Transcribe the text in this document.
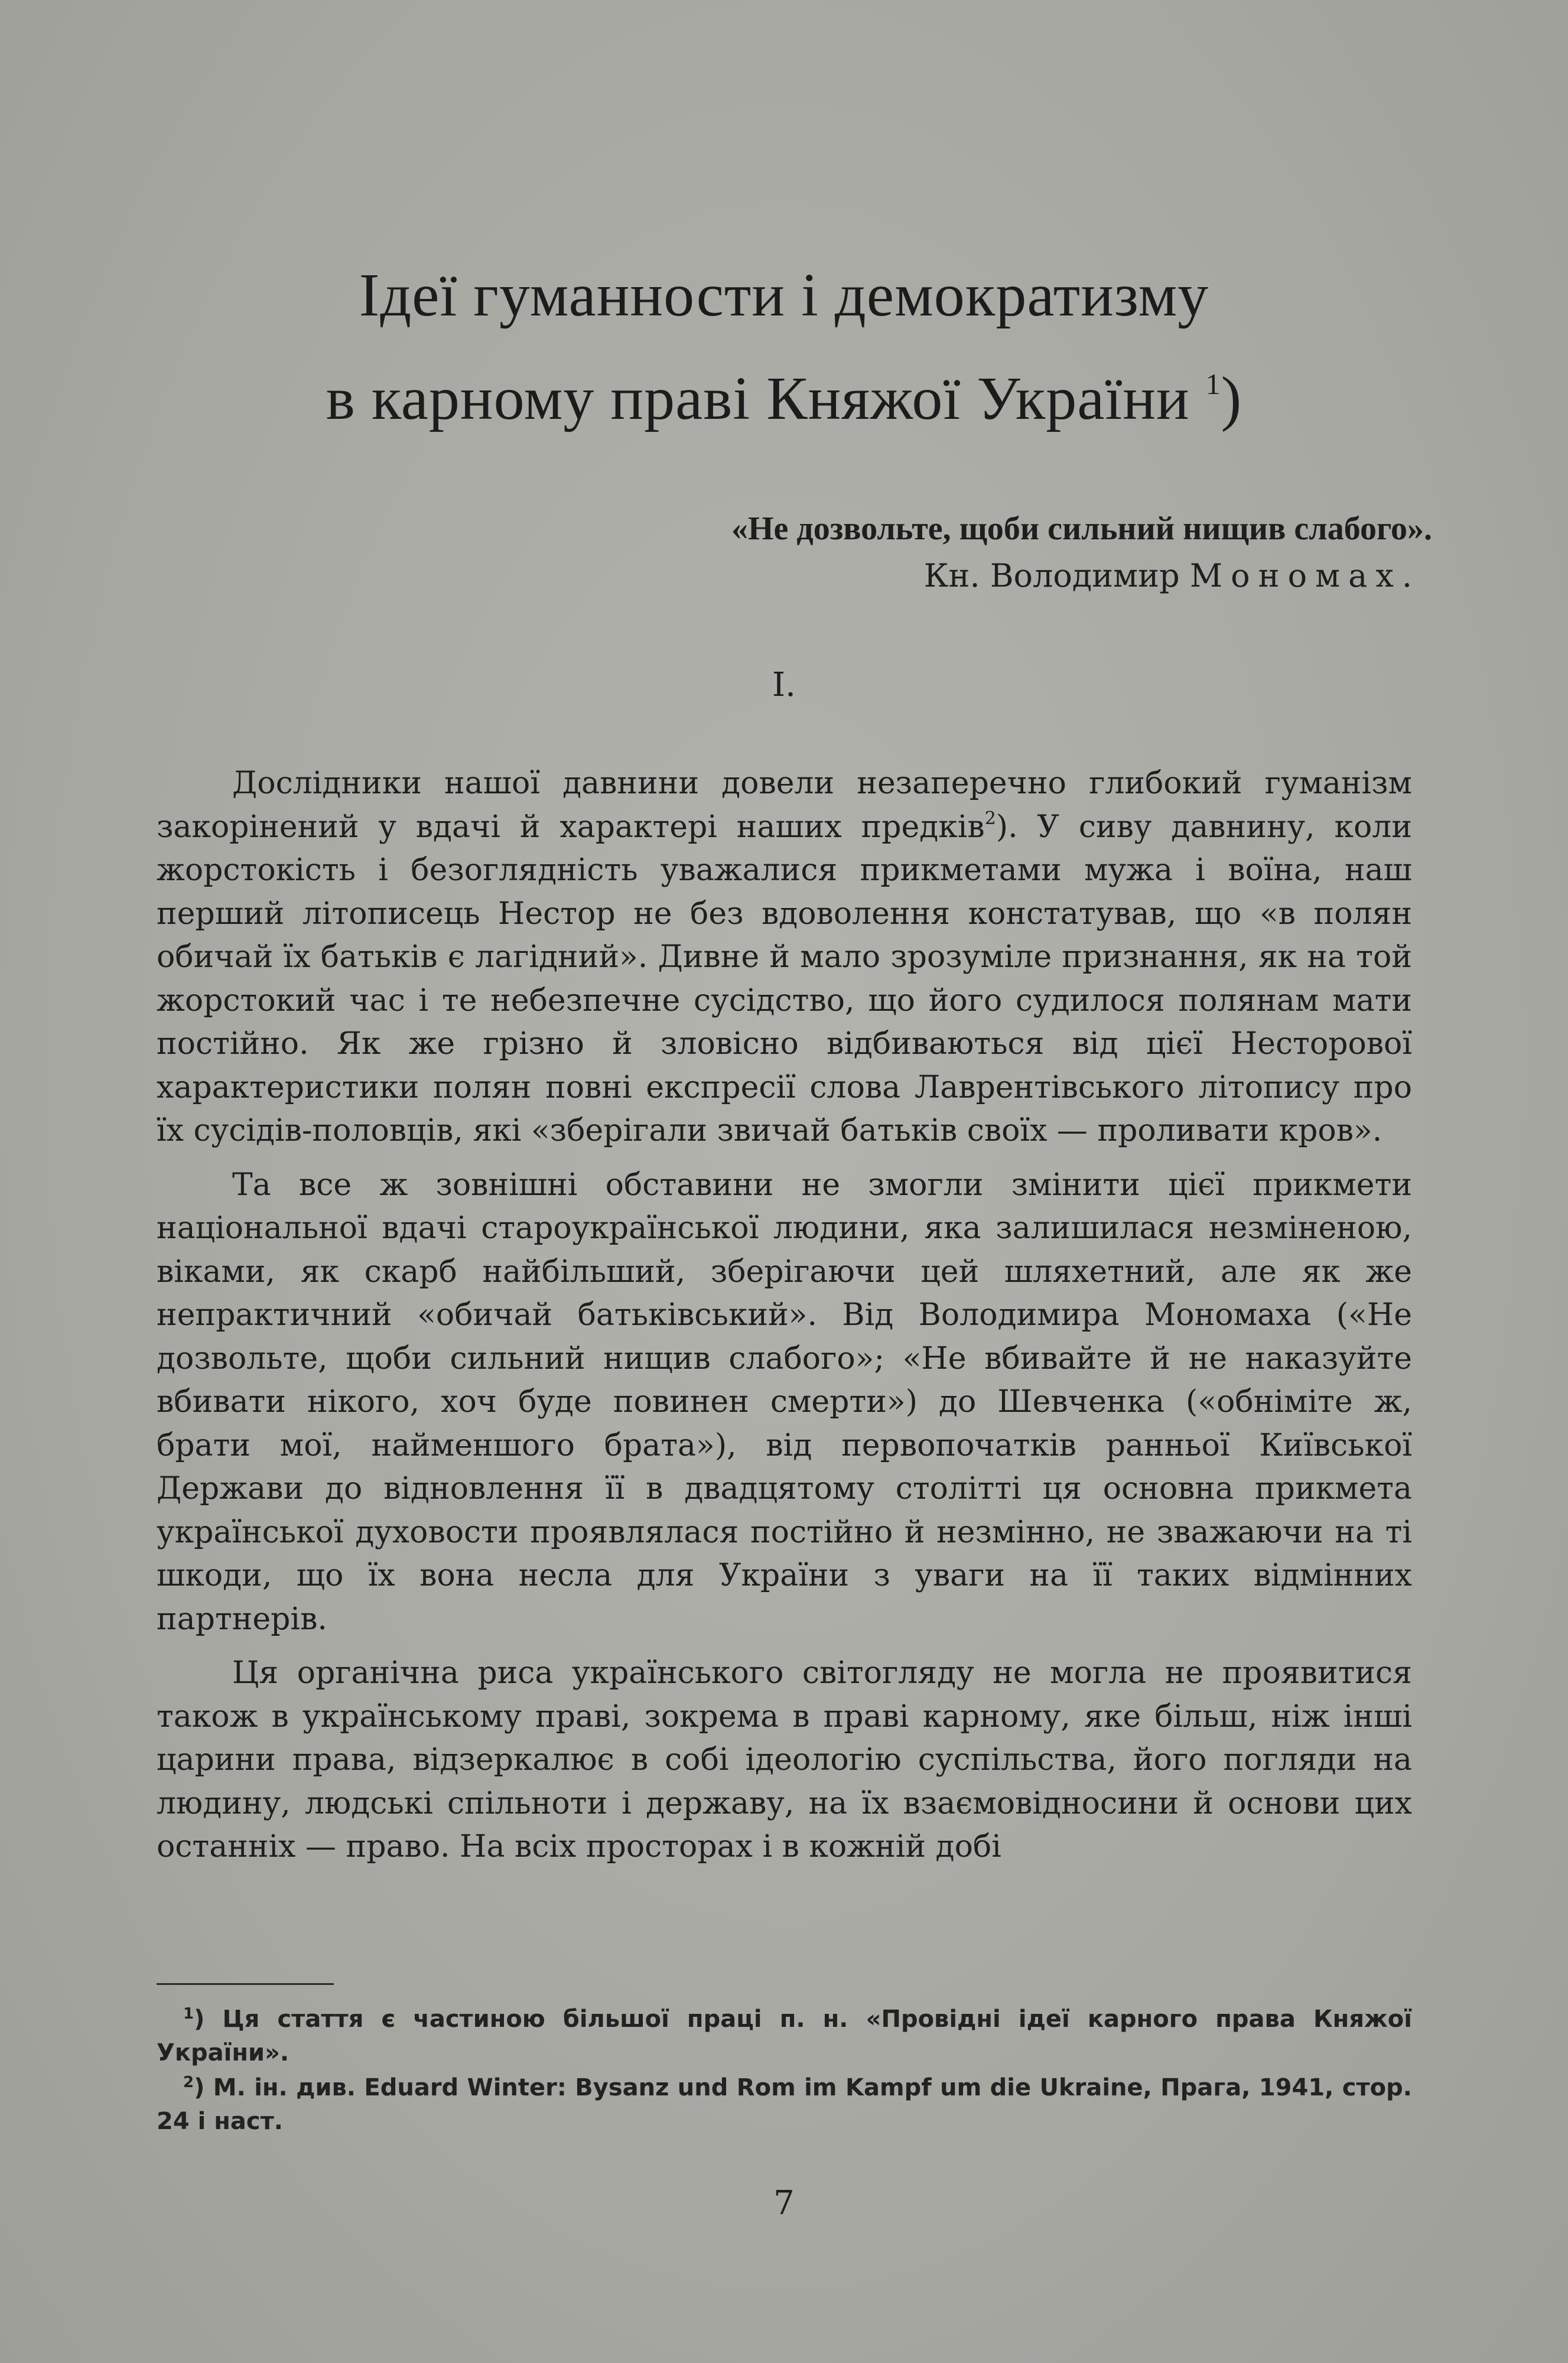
Ідеї гуманности і демократизму
в карному праві Княжої України $^1$)
«Не дозвольте, щоби сильний нищив слабого».
Кн. Володимир Мономах.
І.

Дослідники нашої давнини довели незаперечно глибокий гуманізм закорінений у вдачі й характері наших предків$^2$). У сиву давнину, коли жорстокість і безоглядність уважалися прикметами мужа і воїна, наш перший літописець Нестор не без вдоволення констатував, що «в полян обичай їх батьків є лагідний». Дивне й мало зрозуміле признання, як на той жорстокий час і те небезпечне сусідство, що його судилося полянам мати постійно. Як же грізно й зловісно відбиваються від цієї Несторової характеристики полян повні експресії слова Лаврентівського літопису про їх сусідів-половців, які «зберігали звичай батьків своїх — проливати кров».

Та все ж зовнішні обставини не змогли змінити цієї прикмети національної вдачі староукраїнської людини, яка залишилася незміненою, віками, як скарб найбільший, зберігаючи цей шляхетний, але як же непрактичний «обичай батьківський». Від Володимира Мономаха («Не дозвольте, щоби сильний нищив слабого»; «Не вбивайте й не наказуйте вбивати нікого, хоч буде повинен смерти») до Шевченка («обніміте ж, брати мої, найменшого брата»), від первопочатків ранньої Київської Держави до відновлення її в двадцятому столітті ця основна прикмета української духовости проявлялася постійно й незмінно, не зважаючи на ті шкоди, що їх вона несла для України з уваги на її таких відмінних партнерів.

Ця органічна риса українського світогляду не могла не проявитися також в українському праві, зокрема в праві карному, яке більш, ніж інші царини права, відзеркалює в собі ідеологію суспільства, його погляди на людину, людські спільноти і державу, на їх взаємовідносини й основи цих останніх — право. На всіх просторах і в кожній добі

$^1$) Ця стаття є частиною більшої праці п. н. «Провідні ідеї карного права Княжої України».

$^2$) М. ін. див. Eduard Winter: Bysanz und Rom im Kampf um die Ukraine, Прага, 1941, стор. 24 і наст.

7
